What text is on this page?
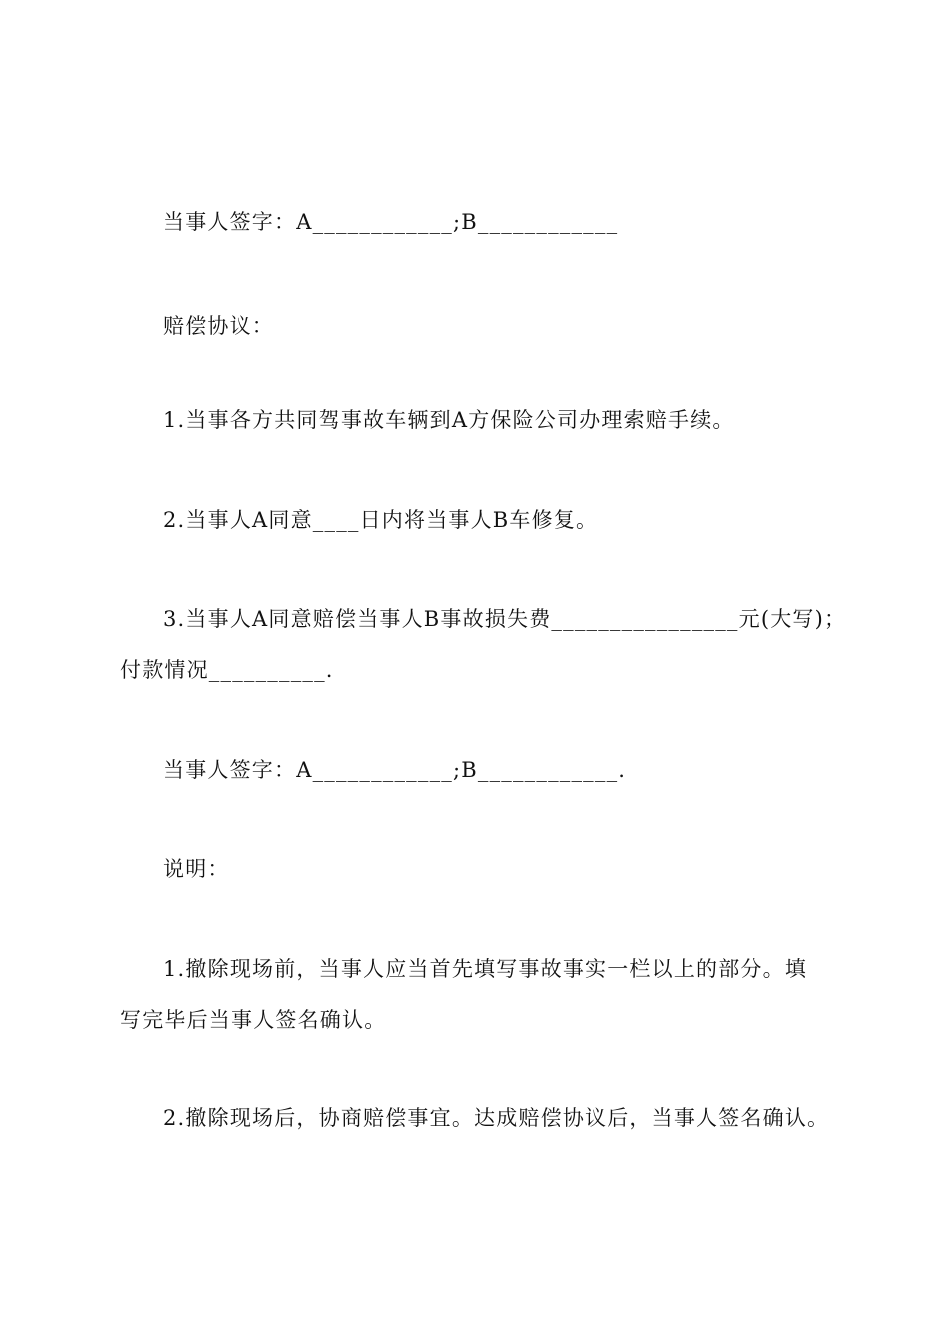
当事人签字：A____________;B____________
赔偿协议：
1.当事各方共同驾事故车辆到A方保险公司办理索赔手续。
2.当事人A同意____日内将当事人B车修复。
3.当事人A同意赔偿当事人B事故损失费________________元(大写)；
付款情况__________.
当事人签字：A____________;B____________.
说明：
1.撤除现场前，当事人应当首先填写事故事实一栏以上的部分。填
写完毕后当事人签名确认。
2.撤除现场后，协商赔偿事宜。达成赔偿协议后，当事人签名确认。
